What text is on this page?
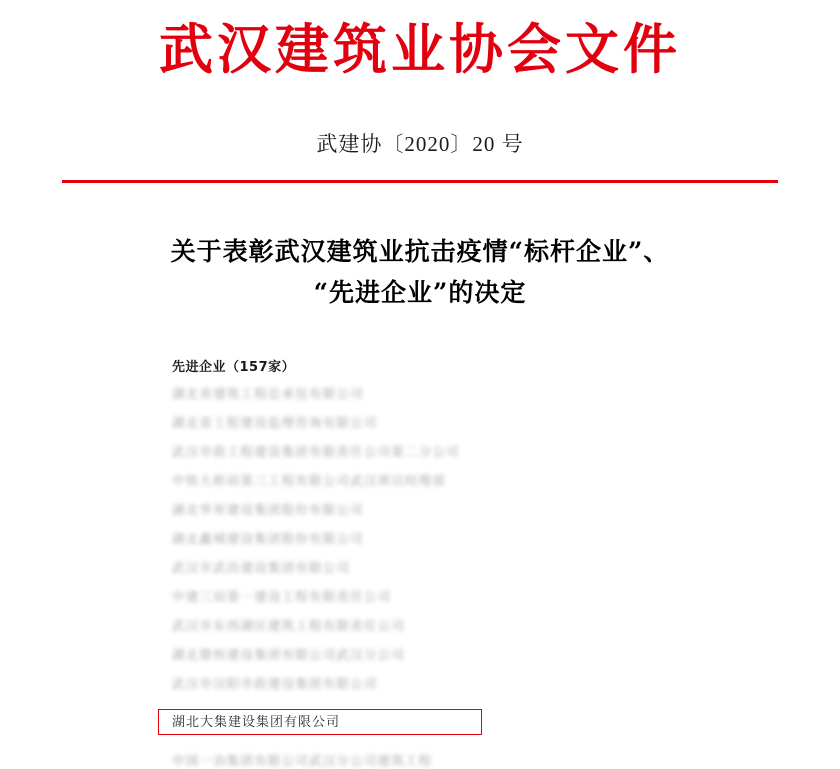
武汉建筑业协会文件
武建协〔2020〕20 号
关于表彰武汉建筑业抗击疫情“标杆企业”、
“先进企业”的决定
先进企业（157家）
湖北省建筑工程总承包有限公司
湖北省工程建设监理咨询有限公司
武汉市政工程建设集团有限责任公司第二分公司
中铁大桥局第三工程有限公司武汉项目经理部
湖北华昇建设集团股份有限公司
湖北鑫城建设集团股份有限公司
武汉市武昌建设集团有限公司
中建三局第一建设工程有限责任公司
武汉市东西湖区建筑工程有限责任公司
湖北鼎恒建设集团有限公司武汉分公司
武汉市汉阳市政建设集团有限公司
湖北大集建设集团有限公司
中国一冶集团有限公司武汉分公司建筑工程
